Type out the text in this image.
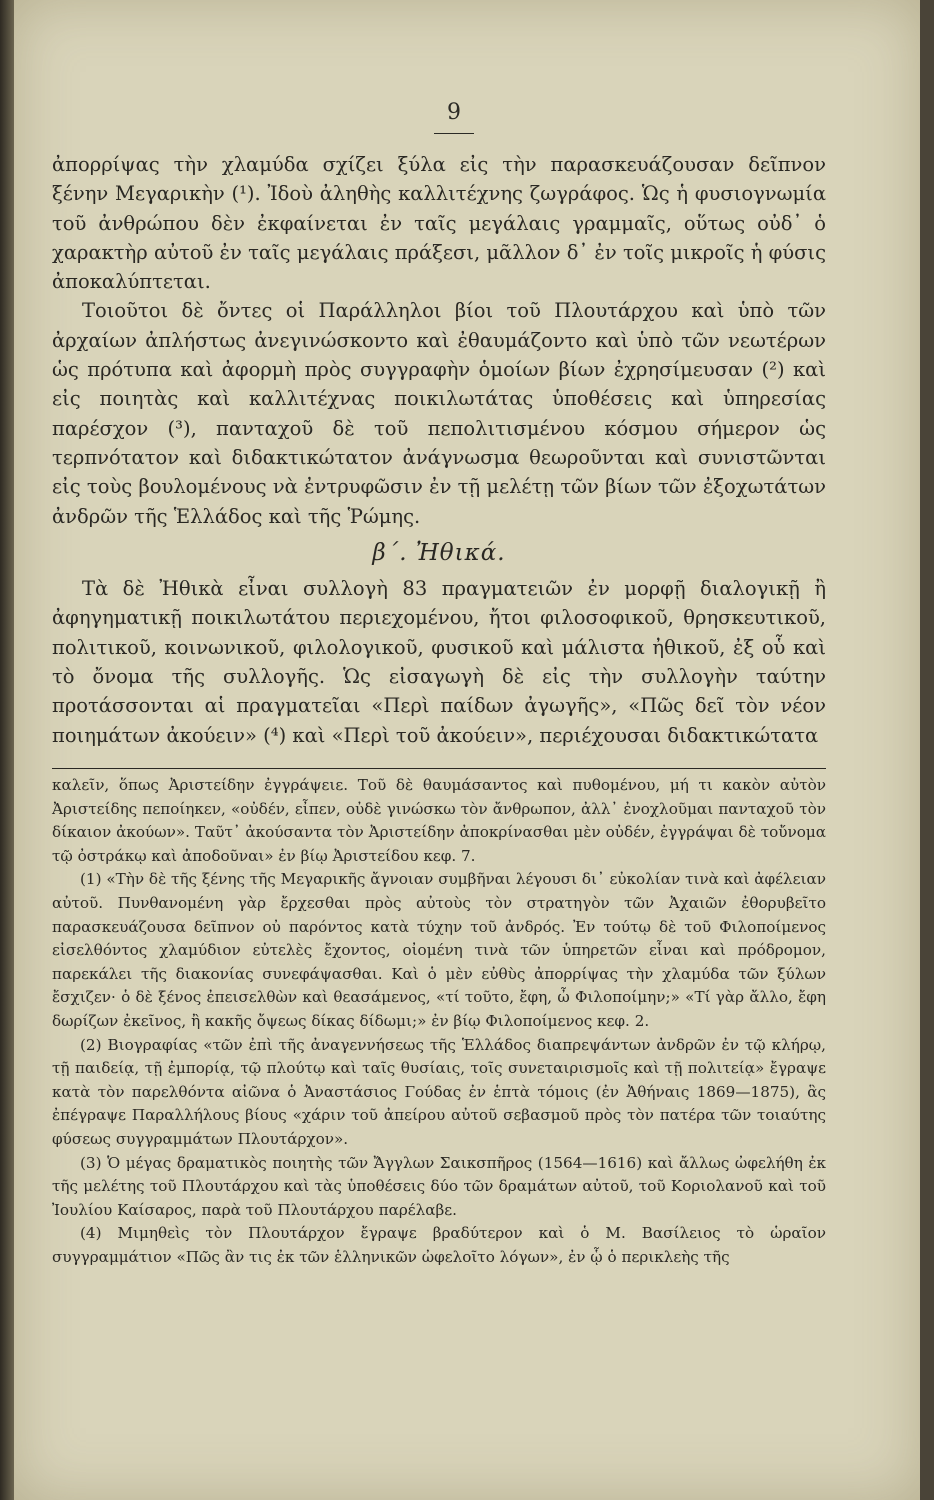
9

ἀπορρίψας τὴν χλαμύδα σχίζει ξύλα εἰς τὴν παρασκευάζουσαν δεῖπνον ξένην Μεγαρικὴν (¹). Ἰδοὺ ἀληθὴς καλλιτέχνης ζωγράφος. Ὡς ἡ φυσιογνωμία τοῦ ἀνθρώπου δὲν ἐκφαίνεται ἐν ταῖς μεγάλαις γραμμαῖς, οὕτως οὐδ᾿ ὁ χαρακτὴρ αὐτοῦ ἐν ταῖς μεγάλαις πράξεσι, μᾶλλον δ᾿ ἐν τοῖς μικροῖς ἡ φύσις ἀποκαλύπτεται.

Τοιοῦτοι δὲ ὄντες οἱ Παράλληλοι βίοι τοῦ Πλουτάρχου καὶ ὑπὸ τῶν ἀρχαίων ἀπλήστως ἀνεγινώσκοντο καὶ ἐθαυμάζοντο καὶ ὑπὸ τῶν νεωτέρων ὡς πρότυπα καὶ ἀφορμὴ πρὸς συγγραφὴν ὁμοίων βίων ἐχρησίμευσαν (²) καὶ εἰς ποιητὰς καὶ καλλιτέχνας ποικιλωτάτας ὑποθέσεις καὶ ὑπηρεσίας παρέσχον (³), πανταχοῦ δὲ τοῦ πεπολιτισμένου κόσμου σήμερον ὡς τερπνότατον καὶ διδακτικώτατον ἀνάγνωσμα θεωροῦνται καὶ συνιστῶνται εἰς τοὺς βουλομένους νὰ ἐντρυφῶσιν ἐν τῇ μελέτῃ τῶν βίων τῶν ἐξοχωτάτων ἀνδρῶν τῆς Ἑλλάδος καὶ τῆς Ῥώμης.

β΄. Ἠθικά.

Τὰ δὲ Ἠθικὰ εἶναι συλλογὴ 83 πραγματειῶν ἐν μορφῇ διαλογικῇ ἢ ἀφηγηματικῇ ποικιλωτάτου περιεχομένου, ἤτοι φιλοσοφικοῦ, θρησκευτικοῦ, πολιτικοῦ, κοινωνικοῦ, φιλολογικοῦ, φυσικοῦ καὶ μάλιστα ἠθικοῦ, ἐξ οὗ καὶ τὸ ὄνομα τῆς συλλογῆς. Ὡς εἰσαγωγὴ δὲ εἰς τὴν συλλογὴν ταύτην προτάσσονται αἱ πραγματεῖαι «Περὶ παίδων ἀγωγῆς», «Πῶς δεῖ τὸν νέον ποιημάτων ἀκούειν» (⁴) καὶ «Περὶ τοῦ ἀκούειν», περιέχουσαι διδακτικώτατα

καλεῖν, ὅπως Ἀριστείδην ἐγγράψειε. Τοῦ δὲ θαυμάσαντος καὶ πυθομένου, μή τι κακὸν αὐτὸν Ἀριστείδης πεποίηκεν, «οὐδέν, εἶπεν, οὐδὲ γινώσκω τὸν ἄνθρωπον, ἀλλ᾿ ἐνοχλοῦμαι πανταχοῦ τὸν δίκαιον ἀκούων». Ταῦτ᾿ ἀκούσαντα τὸν Ἀριστείδην ἀποκρίνασθαι μὲν οὐδέν, ἐγγράψαι δὲ τοὔνομα τῷ ὀστράκῳ καὶ ἀποδοῦναι» ἐν βίῳ Ἀριστείδου κεφ. 7.

(1) «Τὴν δὲ τῆς ξένης τῆς Μεγαρικῆς ἄγνοιαν συμβῆναι λέγουσι δι᾿ εὐκολίαν τινὰ καὶ ἀφέλειαν αὐτοῦ. Πυνθανομένη γὰρ ἔρχεσθαι πρὸς αὐτοὺς τὸν στρατηγὸν τῶν Ἀχαιῶν ἐθορυβεῖτο παρασκευάζουσα δεῖπνον οὐ παρόντος κατὰ τύχην τοῦ ἀνδρός. Ἐν τούτῳ δὲ τοῦ Φιλοποίμενος εἰσελθόντος χλαμύδιον εὐτελὲς ἔχοντος, οἰομένη τινὰ τῶν ὑπηρετῶν εἶναι καὶ πρόδρομον, παρεκάλει τῆς διακονίας συνεφάψασθαι. Καὶ ὁ μὲν εὐθὺς ἀπορρίψας τὴν χλαμύδα τῶν ξύλων ἔσχιζεν· ὁ δὲ ξένος ἐπεισελθὼν καὶ θεασάμενος, «τί τοῦτο, ἔφη, ὦ Φιλοποίμην;» «Τί γὰρ ἄλλο, ἔφη δωρίζων ἐκεῖνος, ἢ κακῆς ὄψεως δίκας δίδωμι;» ἐν βίῳ Φιλοποίμενος κεφ. 2.

(2) Βιογραφίας «τῶν ἐπὶ τῆς ἀναγεννήσεως τῆς Ἑλλάδος διαπρεψάντων ἀνδρῶν ἐν τῷ κλήρῳ, τῇ παιδείᾳ, τῇ ἐμπορίᾳ, τῷ πλούτῳ καὶ ταῖς θυσίαις, τοῖς συνεταιρισμοῖς καὶ τῇ πολιτείᾳ» ἔγραψε κατὰ τὸν παρελθόντα αἰῶνα ὁ Ἀναστάσιος Γούδας ἐν ἑπτὰ τόμοις (ἐν Ἀθήναις 1869—1875), ἃς ἐπέγραψε Παραλλήλους βίους «χάριν τοῦ ἀπείρου αὐτοῦ σεβασμοῦ πρὸς τὸν πατέρα τῶν τοιαύτης φύσεως συγγραμμάτων Πλουτάρχον».

(3) Ὁ μέγας δραματικὸς ποιητὴς τῶν Ἄγγλων Σαικσπῆρος (1564—1616) καὶ ἄλλως ὠφελήθη ἐκ τῆς μελέτης τοῦ Πλουτάρχου καὶ τὰς ὑποθέσεις δύο τῶν δραμάτων αὐτοῦ, τοῦ Κοριολανοῦ καὶ τοῦ Ἰουλίου Καίσαρος, παρὰ τοῦ Πλουτάρχου παρέλαβε.

(4) Μιμηθεὶς τὸν Πλουτάρχον ἔγραψε βραδύτερον καὶ ὁ Μ. Βασίλειος τὸ ὡραῖον συγγραμμάτιον «Πῶς ἂν τις ἐκ τῶν ἑλληνικῶν ὠφελοῖτο λόγων», ἐν ᾧ ὁ περικλεὴς τῆς
